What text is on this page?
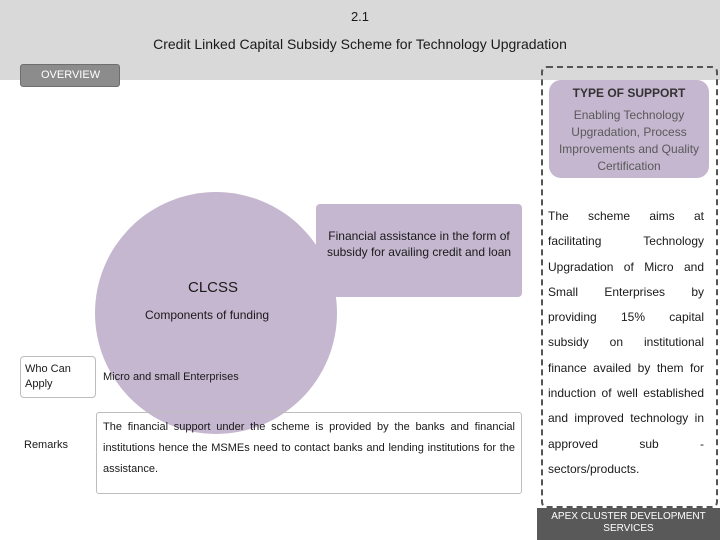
2.1
Credit Linked Capital Subsidy Scheme for Technology Upgradation
OVERVIEW
CLCSS
Components of funding
Financial assistance in the form of subsidy for availing credit and loan
Who Can Apply
Micro and small Enterprises
Remarks
The financial support under the scheme is provided by the banks and financial institutions hence the MSMEs need to contact banks and lending institutions for the assistance.
TYPE OF SUPPORT
Enabling Technology Upgradation, Process Improvements and Quality Certification
The scheme aims at facilitating Technology Upgradation of Micro and Small Enterprises by providing 15% capital subsidy on institutional finance availed by them for induction of well established and improved technology in approved sub -sectors/products.
APEX CLUSTER DEVELOPMENT SERVICES
